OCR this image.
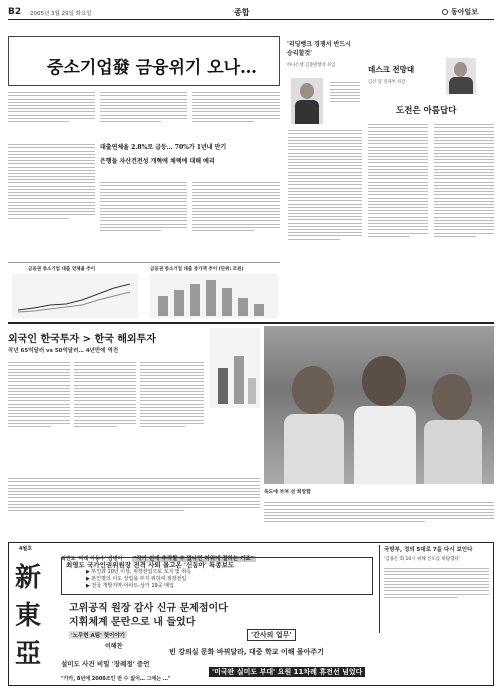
B2 2005년 3월 29일 화요일	종합	동아일보
중소기업發 금융위기 오나…
대출연체율 2.8%로 급등… 70%가 1년내 만기
은행들 자산건전성 개혁에 채택에 대해 예리
금융권 중소기업 대출 연체율 추이	금융권 중소기업 대출 증가액 추이 (단위: 조원)
'리딩뱅크 경쟁서 반드시 승리할것'
하나은행 김종열행장 취임	데스크 전망대
김선 형 경제부 차장
도전은 아름답다
외국인 한국투자 > 한국 해외투자
작년 65억달러 vs 50억달러… 4년만에 역전
독도에 부쳐 선 희망합
新東亞
4월호
최연도 '미래 아동수' 김병아 "작가 쉰에 추적할 수 없나면 허위에 절하는 거죠"
최영도 국가인권위원장 전격 사퇴 몰고온 '신동아' 특종보도
▶ 부인과 10년 이상, 위장전입으로 토지 및 취득
▶ 본인명의 이도 상업용 부지 위하여 위장전입
▶ 전국 개발지역-아파트-상가 19곳 매입
고위공직 원장 감사 신규 문제점이다
지휘체계 문란으로 내 들었다
이해찬
'노무현 A팀' 헛이야기	'간사의 업무'
국방부, 정의 5대로 7을 다시 보인다
'김종은 회 10시 위해 신도를 바탕했다'
빈 강의실 문화 바꿔달라, 대중 학교 이해 몰아주기
설미도 사건 비밀 '장례정' 증언
'미국판 실미도 부대' 요원 11차례 휴전선 넘었다
"가카, 8년에 2000조인 전 수 없어… 그에는 …"
